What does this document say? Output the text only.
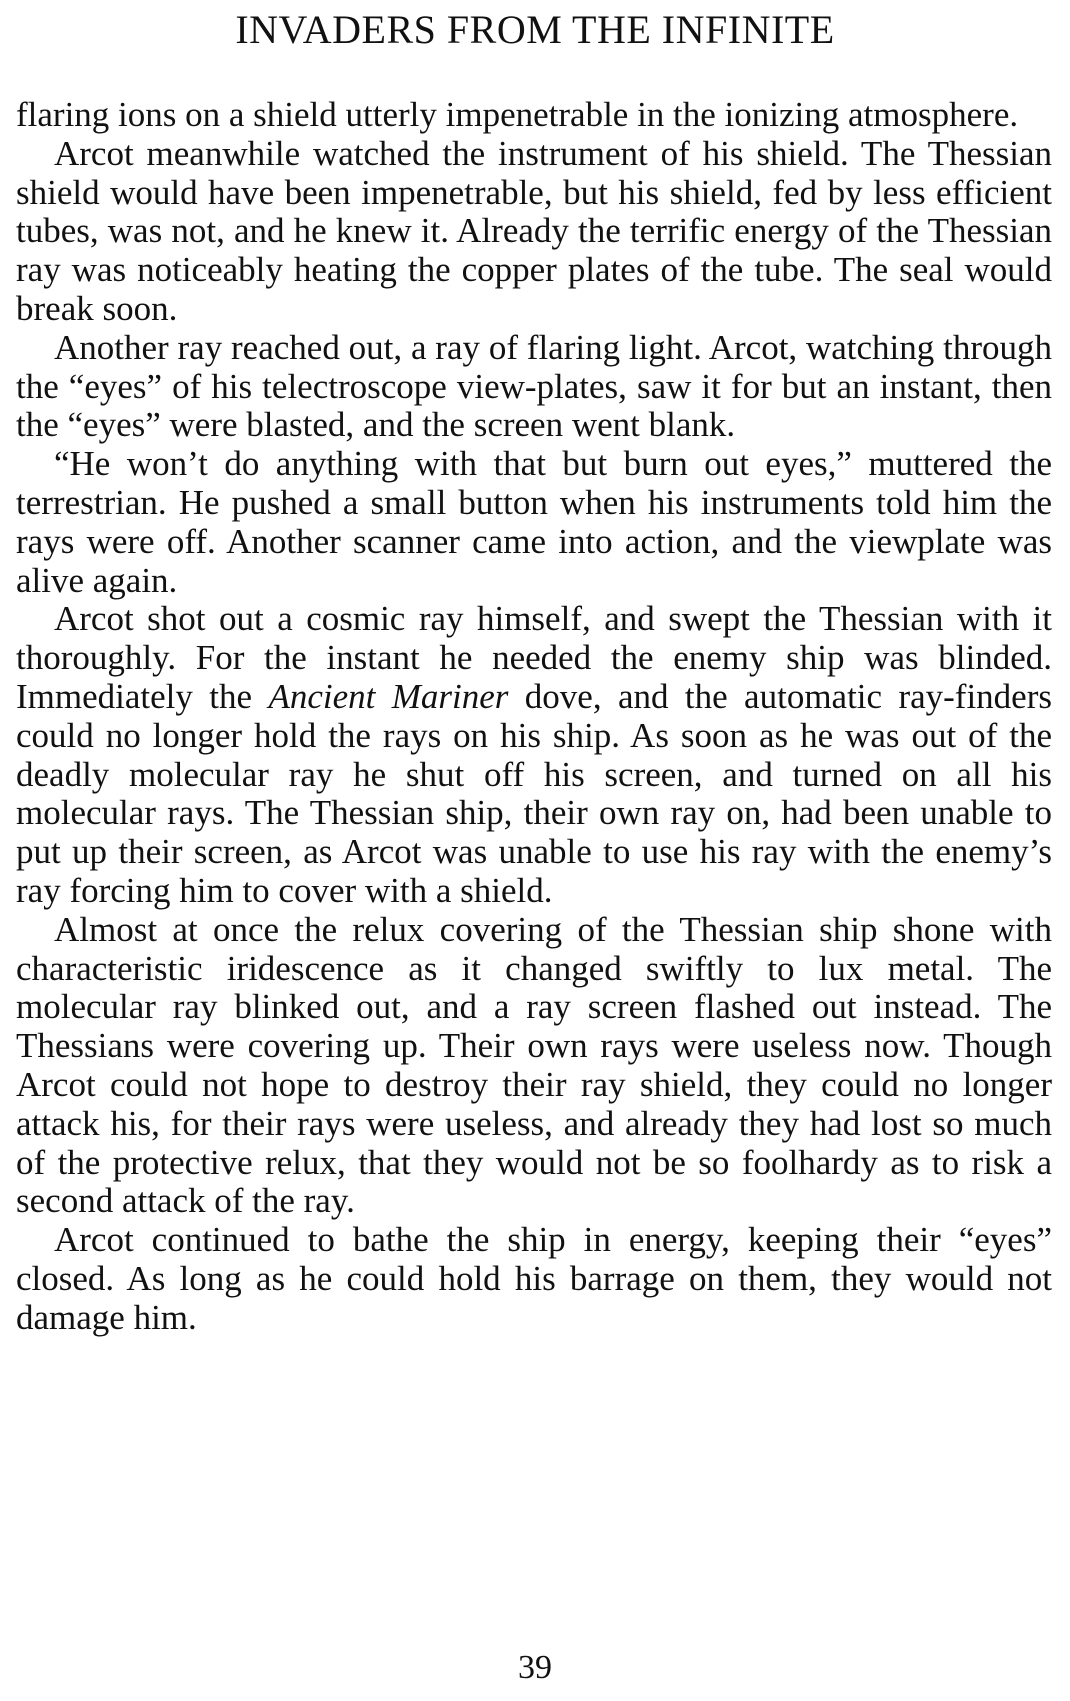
INVADERS FROM THE INFINITE

flaring ions on a shield utterly impenetrable in the ionizing atmosphere.

Arcot meanwhile watched the instrument of his shield. The Thessian shield would have been impenetrable, but his shield, fed by less efficient tubes, was not, and he knew it. Already the terrific energy of the Thessian ray was noticeably heating the copper plates of the tube. The seal would break soon.

Another ray reached out, a ray of flaring light. Arcot, watching through the “eyes” of his telectroscope view-plates, saw it for but an instant, then the “eyes” were blasted, and the screen went blank.

“He won’t do anything with that but burn out eyes,” muttered the terrestrian. He pushed a small button when his instruments told him the rays were off. Another scanner came into action, and the viewplate was alive again.

Arcot shot out a cosmic ray himself, and swept the Thessian with it thoroughly. For the instant he needed the enemy ship was blinded. Immediately the Ancient Mariner dove, and the automatic ray-finders could no longer hold the rays on his ship. As soon as he was out of the deadly molecular ray he shut off his screen, and turned on all his molecular rays. The Thessian ship, their own ray on, had been unable to put up their screen, as Arcot was unable to use his ray with the enemy’s ray forcing him to cover with a shield.

Almost at once the relux covering of the Thessian ship shone with characteristic iridescence as it changed swiftly to lux metal. The molecular ray blinked out, and a ray screen flashed out instead. The Thessians were covering up. Their own rays were useless now. Though Arcot could not hope to destroy their ray shield, they could no longer attack his, for their rays were useless, and already they had lost so much of the protective relux, that they would not be so foolhardy as to risk a second attack of the ray.

Arcot continued to bathe the ship in energy, keeping their “eyes” closed. As long as he could hold his barrage on them, they would not damage him.

39
